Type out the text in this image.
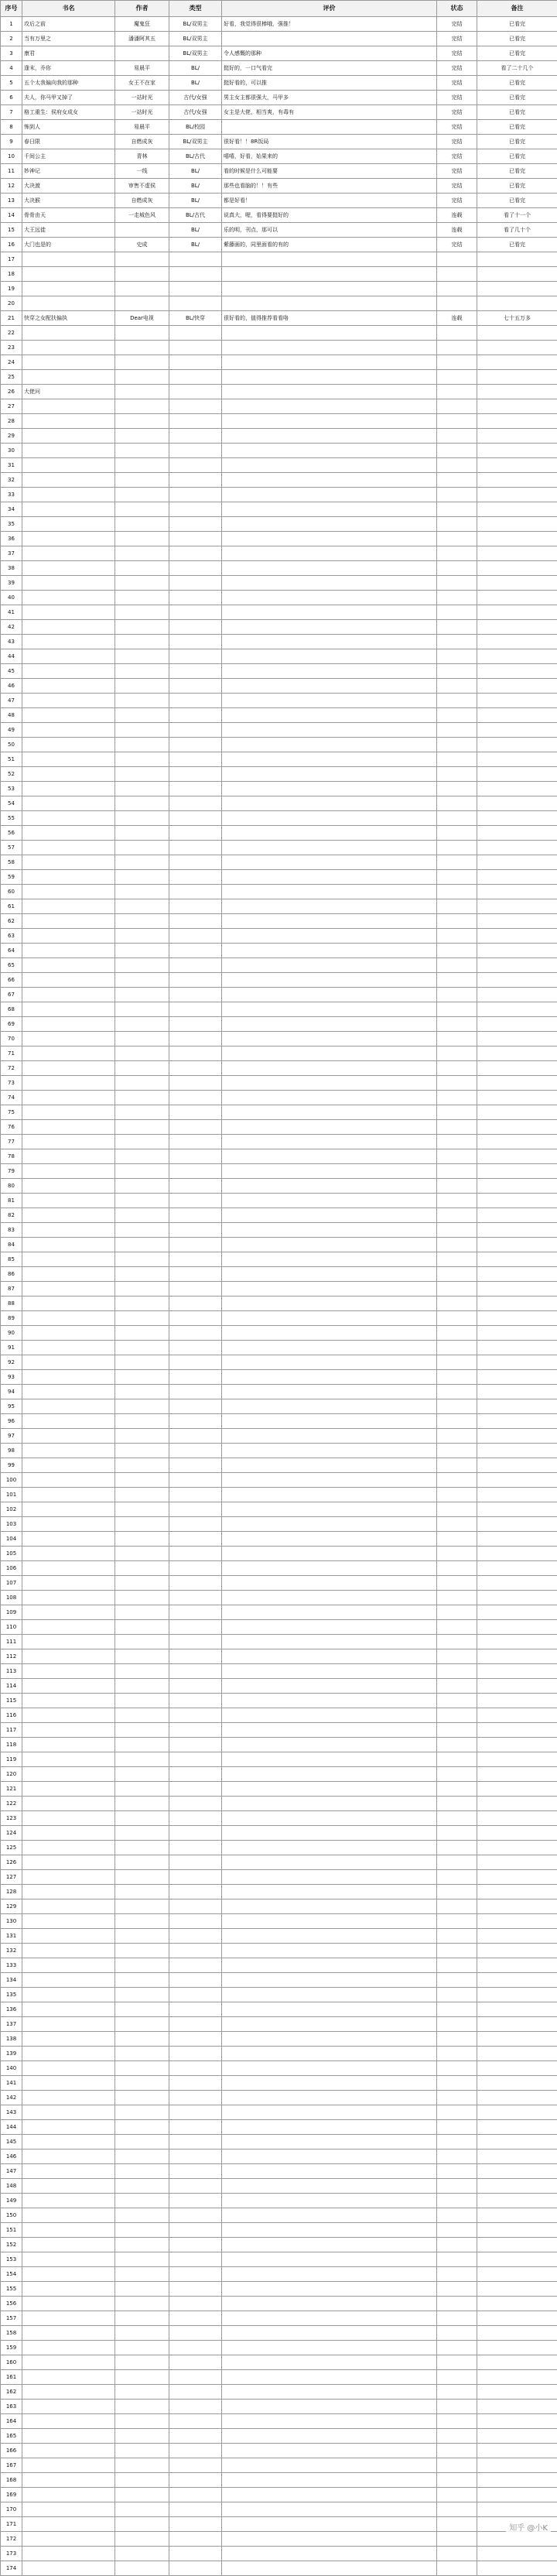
序号	书名	作者	类型	评价	状态	备注
1	攻后之前	魔鬼狂	BL/双男主	好看，我觉得很棒哦，强推！	完结	已看完
2	当有万里之	潘潘阿其五	BL/双男主		完结	已看完
3	康君		BL/双男主	令人感慨的那种	完结	已看完
4	逢末，乔你	易晨平	BL/	挺好的，一口气看完	完结	看了二十几个
5	五个太我偏向我的那种	女王不在家	BL/	挺好看的，可以推	完结	已看完
6	夫人，你马甲又掉了	一站时光	古代/女强	男主女主都很强大，马甲多	完结	已看完
7	格工重生：侯府女成女	一站时光	古代/女强	女主是大佬，相当爽，有毒有	完结	已看完
8	怖到人	易晨平	BL/校园		完结	已看完
9	春日限	自燃成灰	BL/双男主	很好看！！8R饭局	完结	已看完
10	千间公主	青林	BL/古代	嘻嘻，好看，始果来的	完结	已看完
11	妙神记	一线	BL/	看的时候是什么可能要	完结	已看完
12	大决渡	审售不虚侯	BL/	那些也看脑的！！有些	完结	已看完
13	大决猴	自燃成灰	BL/	都是好看！	完结	已看完
14	骨骨由天	一走城色风	BL/古代	说真大，喔，看得要挺好的	连载	看了十一个
15	大王远徙		BL/	乐的明，刊点，那可以	连载	看了几十个
16	大门也是的	史成	BL/	紫藤画的，同里面看的有的	完结	已看完
17						
18						
19						
20						
21	快穿之女配扶偏执	Dear电视	BL/快穿	很好看的，值得推荐看看咯	连载	七十五万多
22						
23						
24						
25						
26	大佬问					
27						
28						
29						
30						
31						
32						
33						
34						
35						
36						
37						
38						
39						
40						
41						
42						
43						
44						
45						
46						
47						
48						
49						
50						
51						
52						
53						
54						
55						
56						
57						
58						
59						
60						
61						
62						
63						
64						
65						
66						
67						
68						
69						
70						
71						
72						
73						
74						
75						
76						
77						
78						
79						
80						
81						
82						
83						
84						
85						
86						
87						
88						
89						
90						
91						
92						
93						
94						
95						
96						
97						
98						
99						
100						
101						
102						
103						
104						
105						
106						
107						
108						
109						
110						
111						
112						
113						
114						
115						
116						
117						
118						
119						
120						
121						
122						
123						
124						
125						
126						
127						
128						
129						
130						
131						
132						
133						
134						
135						
136						
137						
138						
139						
140						
141						
142						
143						
144						
145						
146						
147						
148						
149						
150						
151						
152						
153						
154						
155						
156						
157						
158						
159						
160						
161						
162						
163						
164						
165						
166						
167						
168						
169						
170						
171						
172						
173						
174						
知乎 @小K
